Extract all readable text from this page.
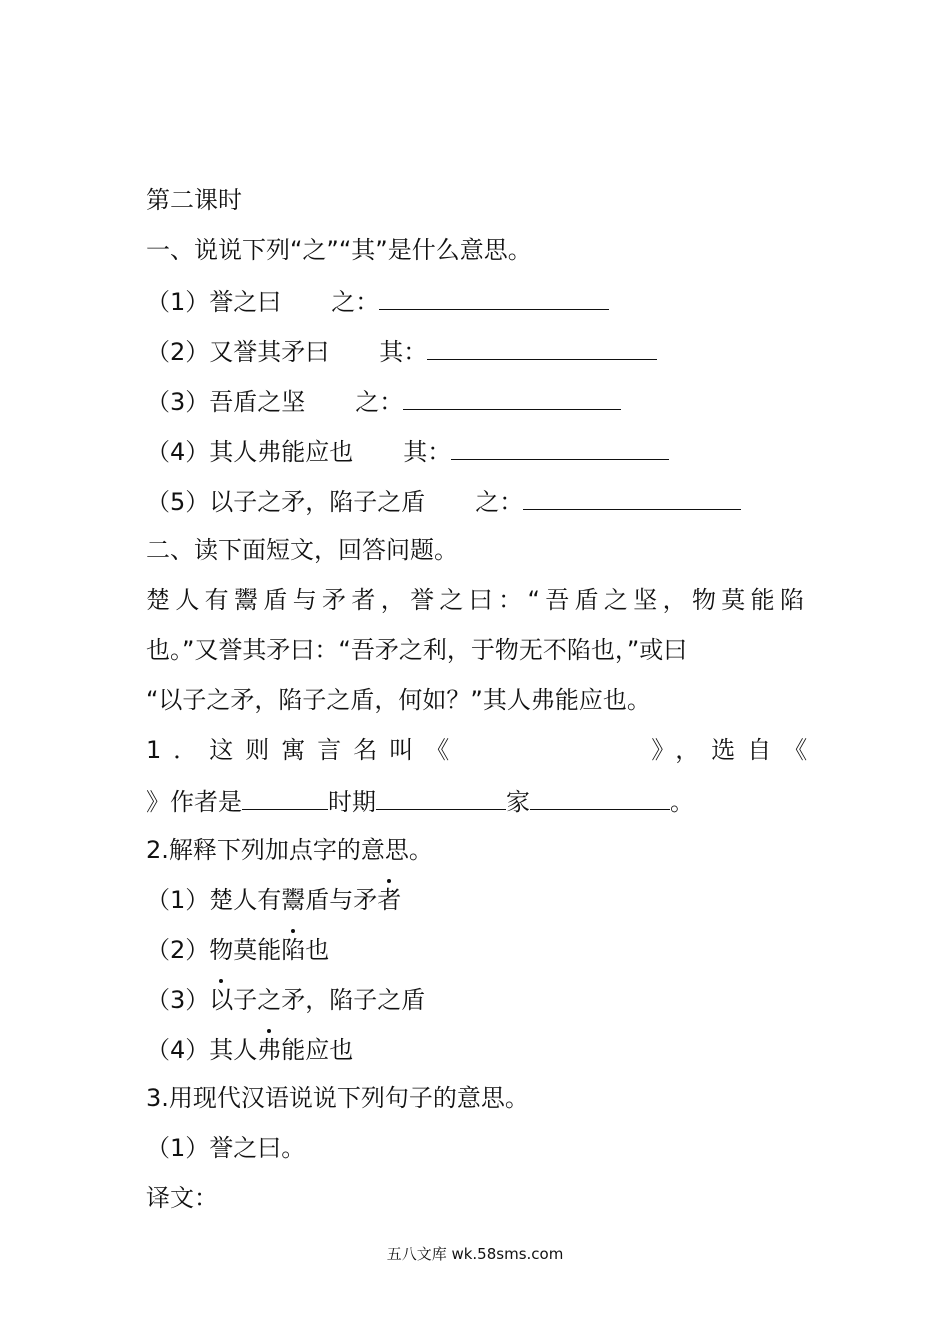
第二课时
一、说说下列“之”“其”是什么意思。
（1）誉之曰 之：
（2）又誉其矛曰 其：
（3）吾盾之坚 之：
（4）其人弗能应也 其：
（5）以子之矛，陷子之盾 之：
二、读下面短文，回答问题。
楚人有鬻盾与矛者，誉之曰：“吾盾之坚，物莫能陷
也。”又誉其矛曰：“吾矛之利，于物无不陷也，”或曰
“以子之矛，陷子之盾，何如？”其人弗能应也。
1．这则寓言名叫《	》，选自《
》作者是	时期	家	。
2.解释下列加点字的意思。
（1）楚人有鬻盾与矛者
（2）物莫能陷也
（3）以子之矛，陷子之盾
（4）其人弗能应也
3.用现代汉语说说下列句子的意思。
（1）誉之曰。
译文：
五八文库 wk.58sms.com
